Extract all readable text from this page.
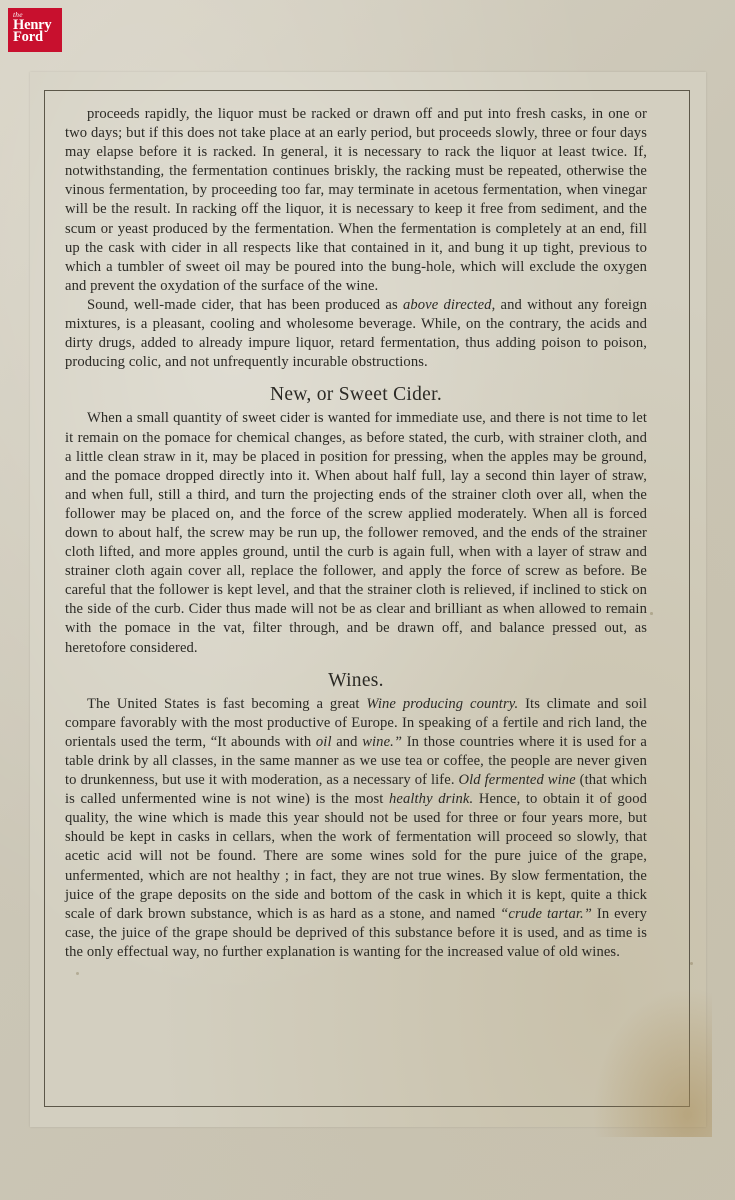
the
Henry
Ford

proceeds rapidly, the liquor must be racked or drawn off and put into fresh casks, in one or two days; but if this does not take place at an early period, but proceeds slowly, three or four days may elapse before it is racked. In general, it is necessary to rack the liquor at least twice. If, notwithstanding, the fermentation continues briskly, the racking must be repeated, otherwise the vinous fermentation, by proceeding too far, may terminate in acetous fermentation, when vinegar will be the result. In racking off the liquor, it is necessary to keep it free from sediment, and the scum or yeast produced by the fermentation. When the fermentation is completely at an end, fill up the cask with cider in all respects like that contained in it, and bung it up tight, previous to which a tumbler of sweet oil may be poured into the bung-hole, which will exclude the oxygen and prevent the oxydation of the surface of the wine.

Sound, well-made cider, that has been produced as above directed, and without any foreign mixtures, is a pleasant, cooling and wholesome beverage. While, on the contrary, the acids and dirty drugs, added to already impure liquor, retard fermentation, thus adding poison to poison, producing colic, and not unfrequently incurable obstructions.

New, or Sweet Cider.

When a small quantity of sweet cider is wanted for immediate use, and there is not time to let it remain on the pomace for chemical changes, as before stated, the curb, with strainer cloth, and a little clean straw in it, may be placed in position for pressing, when the apples may be ground, and the pomace dropped directly into it. When about half full, lay a second thin layer of straw, and when full, still a third, and turn the projecting ends of the strainer cloth over all, when the follower may be placed on, and the force of the screw applied moderately. When all is forced down to about half, the screw may be run up, the follower removed, and the ends of the strainer cloth lifted, and more apples ground, until the curb is again full, when with a layer of straw and strainer cloth again cover all, replace the follower, and apply the force of screw as before. Be careful that the follower is kept level, and that the strainer cloth is relieved, if inclined to stick on the side of the curb. Cider thus made will not be as clear and brilliant as when allowed to remain with the pomace in the vat, filter through, and be drawn off, and balance pressed out, as heretofore considered.

Wines.

The United States is fast becoming a great Wine producing country. Its climate and soil compare favorably with the most productive of Europe. In speaking of a fertile and rich land, the orientals used the term, “It abounds with oil and wine.” In those countries where it is used for a table drink by all classes, in the same manner as we use tea or coffee, the people are never given to drunkenness, but use it with moderation, as a necessary of life. Old fermented wine (that which is called unfermented wine is not wine) is the most healthy drink. Hence, to obtain it of good quality, the wine which is made this year should not be used for three or four years more, but should be kept in casks in cellars, when the work of fermentation will proceed so slowly, that acetic acid will not be found. There are some wines sold for the pure juice of the grape, unfermented, which are not healthy ; in fact, they are not true wines. By slow fermentation, the juice of the grape deposits on the side and bottom of the cask in which it is kept, quite a thick scale of dark brown substance, which is as hard as a stone, and named “crude tartar.” In every case, the juice of the grape should be deprived of this substance before it is used, and as time is the only effectual way, no further explanation is wanting for the increased value of old wines.
